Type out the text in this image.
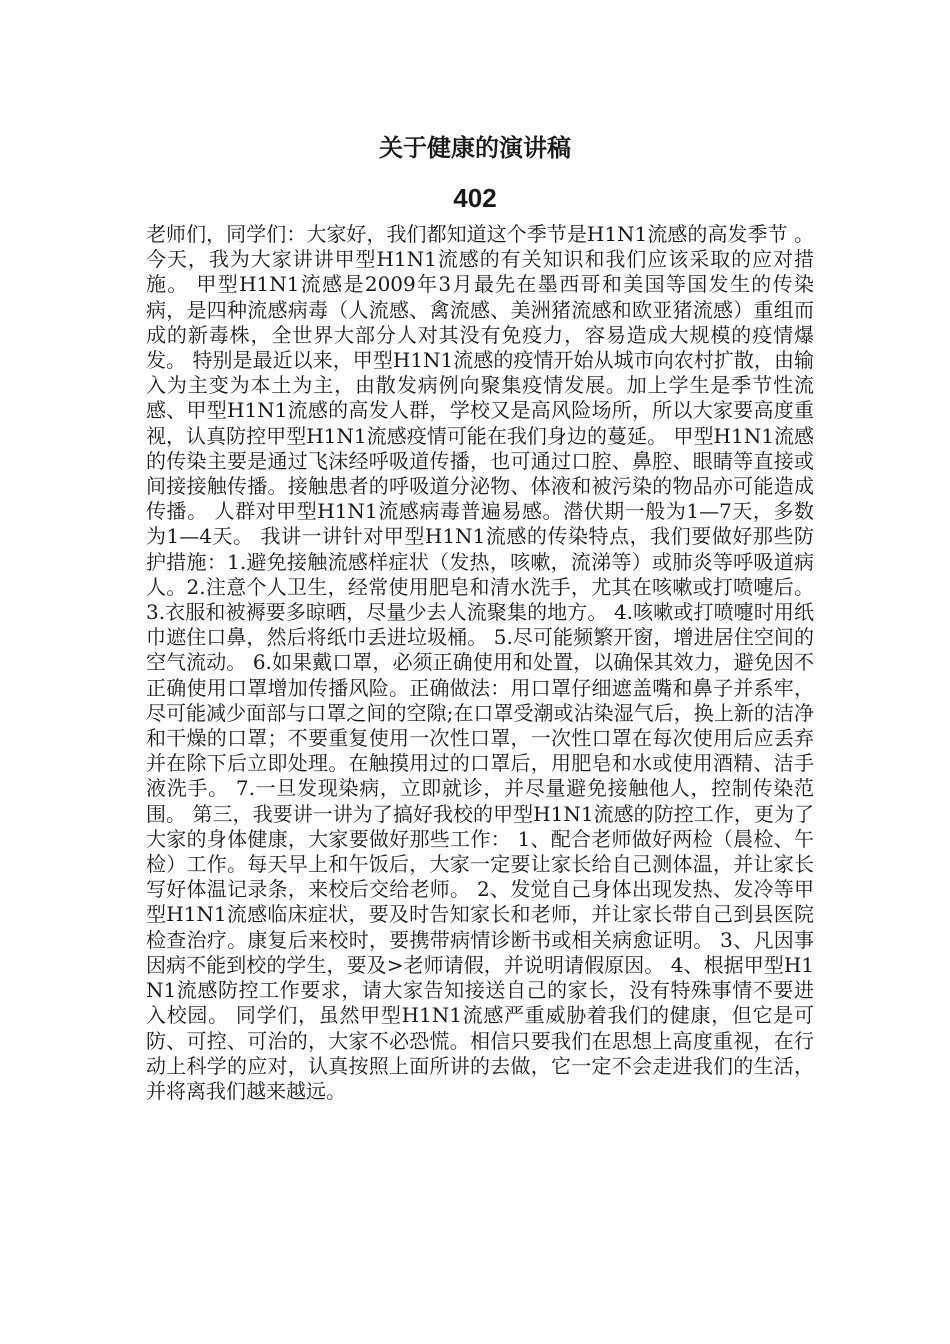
关于健康的演讲稿
402

老师们，同学们：大家好，我们都知道这个季节是H1N1流感的高发季节 。今天，我为大家讲讲甲型H1N1流感的有关知识和我们应该采取的应对措施。 甲型H1N1流感是2009年3月最先在墨西哥和美国等国发生的传染病，是四种流感病毒（人流感、禽流感、美洲猪流感和欧亚猪流感）重组而成的新毒株，全世界大部分人对其没有免疫力，容易造成大规模的疫情爆发。 特别是最近以来，甲型H1N1流感的疫情开始从城市向农村扩散，由输入为主变为本土为主，由散发病例向聚集疫情发展。加上学生是季节性流感、甲型H1N1流感的高发人群，学校又是高风险场所，所以大家要高度重视，认真防控甲型H1N1流感疫情可能在我们身边的蔓延。 甲型H1N1流感的传染主要是通过飞沫经呼吸道传播，也可通过口腔、鼻腔、眼睛等直接或间接接触传播。接触患者的呼吸道分泌物、体液和被污染的物品亦可能造成传播。 人群对甲型H1N1流感病毒普遍易感。潜伏期一般为1—7天，多数为1—4天。 我讲一讲针对甲型H1N1流感的传染特点，我们要做好那些防护措施：1.避免接触流感样症状（发热，咳嗽，流涕等）或肺炎等呼吸道病人。2.注意个人卫生，经常使用肥皂和清水洗手，尤其在咳嗽或打喷嚏后。 3.衣服和被褥要多晾晒，尽量少去人流聚集的地方。 4.咳嗽或打喷嚏时用纸巾遮住口鼻，然后将纸巾丢进垃圾桶。 5.尽可能频繁开窗，增进居住空间的空气流动。 6.如果戴口罩，必须正确使用和处置，以确保其效力，避免因不正确使用口罩增加传播风险。正确做法：用口罩仔细遮盖嘴和鼻子并系牢，尽可能减少面部与口罩之间的空隙;在口罩受潮或沾染湿气后，换上新的洁净和干燥的口罩；不要重复使用一次性口罩，一次性口罩在每次使用后应丢弃并在除下后立即处理。在触摸用过的口罩后，用肥皂和水或使用酒精、洁手液洗手。 7.一旦发现染病，立即就诊，并尽量避免接触他人，控制传染范围。 第三，我要讲一讲为了搞好我校的甲型H1N1流感的防控工作，更为了大家的身体健康，大家要做好那些工作： 1、配合老师做好两检（晨检、午检）工作。每天早上和午饭后，大家一定要让家长给自己测体温，并让家长写好体温记录条，来校后交给老师。 2、发觉自己身体出现发热、发冷等甲型H1N1流感临床症状，要及时告知家长和老师，并让家长带自己到县医院检查治疗。康复后来校时，要携带病情诊断书或相关病愈证明。 3、凡因事因病不能到校的学生，要及>老师请假，并说明请假原因。 4、根据甲型H1N1流感防控工作要求，请大家告知接送自己的家长，没有特殊事情不要进入校园。 同学们，虽然甲型H1N1流感严重威胁着我们的健康，但它是可防、可控、可治的，大家不必恐慌。相信只要我们在思想上高度重视，在行动上科学的应对，认真按照上面所讲的去做，它一定不会走进我们的生活，并将离我们越来越远。
